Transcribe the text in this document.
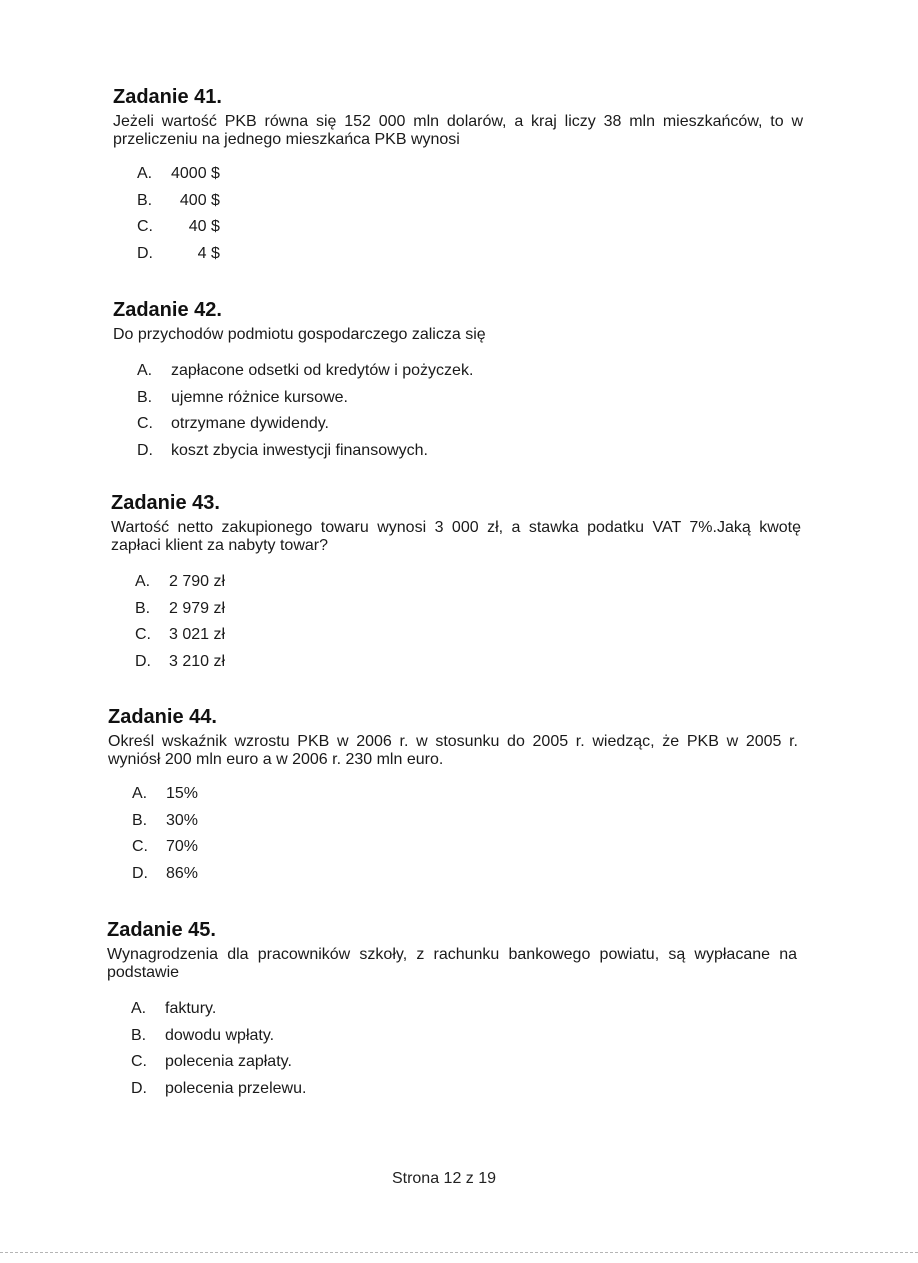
Zadanie 41.

Jeżeli wartość PKB równa się 152 000 mln dolarów, a kraj liczy 38 mln mieszkańców, to w przeliczeniu na jednego mieszkańca PKB wynosi

A.	4000 $
B.	400 $
C.	40 $
D.	4 $
Zadanie 42.

Do przychodów podmiotu gospodarczego zalicza się

A.	zapłacone odsetki od kredytów i pożyczek.
B.	ujemne różnice kursowe.
C.	otrzymane dywidendy.
D.	koszt zbycia inwestycji finansowych.
Zadanie 43.

Wartość netto zakupionego towaru wynosi 3 000 zł, a stawka podatku VAT 7%.Jaką kwotę zapłaci klient za nabyty towar?

A.	2 790 zł
B.	2 979 zł
C.	3 021 zł
D.	3 210 zł
Zadanie 44.

Określ wskaźnik wzrostu PKB w 2006 r. w stosunku do 2005 r. wiedząc, że PKB w 2005 r. wyniósł 200 mln euro a w 2006 r. 230 mln euro.

A.	15%
B.	30%
C.	70%
D.	86%
Zadanie 45.

Wynagrodzenia dla pracowników szkoły, z rachunku bankowego powiatu, są wypłacane na podstawie

A.	faktury.
B.	dowodu wpłaty.
C.	polecenia zapłaty.
D.	polecenia przelewu.
Strona 12 z 19
